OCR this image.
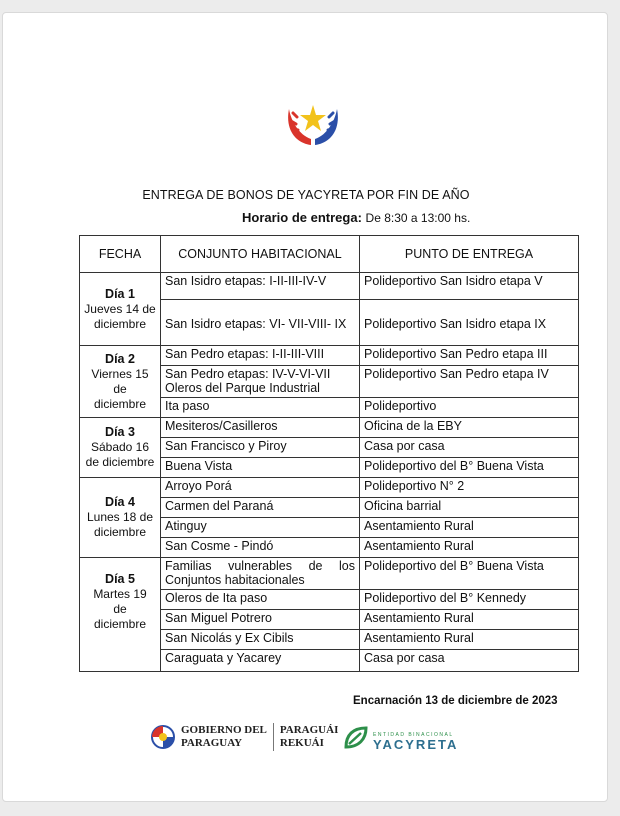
ENTREGA DE BONOS DE YACYRETA POR FIN DE AÑO
Horario de entrega: De 8:30 a 13:00 hs.
FECHA	CONJUNTO HABITACIONAL	PUNTO DE ENTREGA
Día 1
Jueves 14 de
diciembre	San Isidro etapas: I-II-III-IV-V	Polideportivo San Isidro etapa V
	San Isidro etapas: VI- VII-VIII- IX	Polideportivo San Isidro etapa IX
Día 2
Viernes 15 de
diciembre	San Pedro etapas: I-II-III-VIII	Polideportivo San Pedro etapa III
	San Pedro etapas: IV-V-VI-VII
Oleros del Parque Industrial	Polideportivo San Pedro etapa IV
	Ita paso	Polideportivo
Día 3
Sábado 16
de diciembre	Mesiteros/Casilleros	Oficina de la EBY
	San Francisco y Piroy	Casa por casa
	Buena Vista	Polideportivo del B° Buena Vista
Día 4
Lunes 18 de
diciembre	Arroyo Porá	Polideportivo N° 2
	Carmen del Paraná	Oficina barrial
	Atinguy	Asentamiento Rural
	San Cosme - Pindó	Asentamiento Rural
Día 5
Martes 19
de
diciembre	Familias vulnerables de los Conjuntos habitacionales	Polideportivo del B° Buena Vista
	Oleros de Ita paso	Polideportivo del B° Kennedy
	San Miguel Potrero	Asentamiento Rural
	San Nicolás y Ex Cibils	Asentamiento Rural
	Caraguata y Yacarey	Casa por casa
Encarnación 13 de diciembre de 2023
GOBIERNO DEL
PARAGUAY
PARAGUÁI
REKUÁI
ENTIDAD BINACIONAL
YACYRETA
